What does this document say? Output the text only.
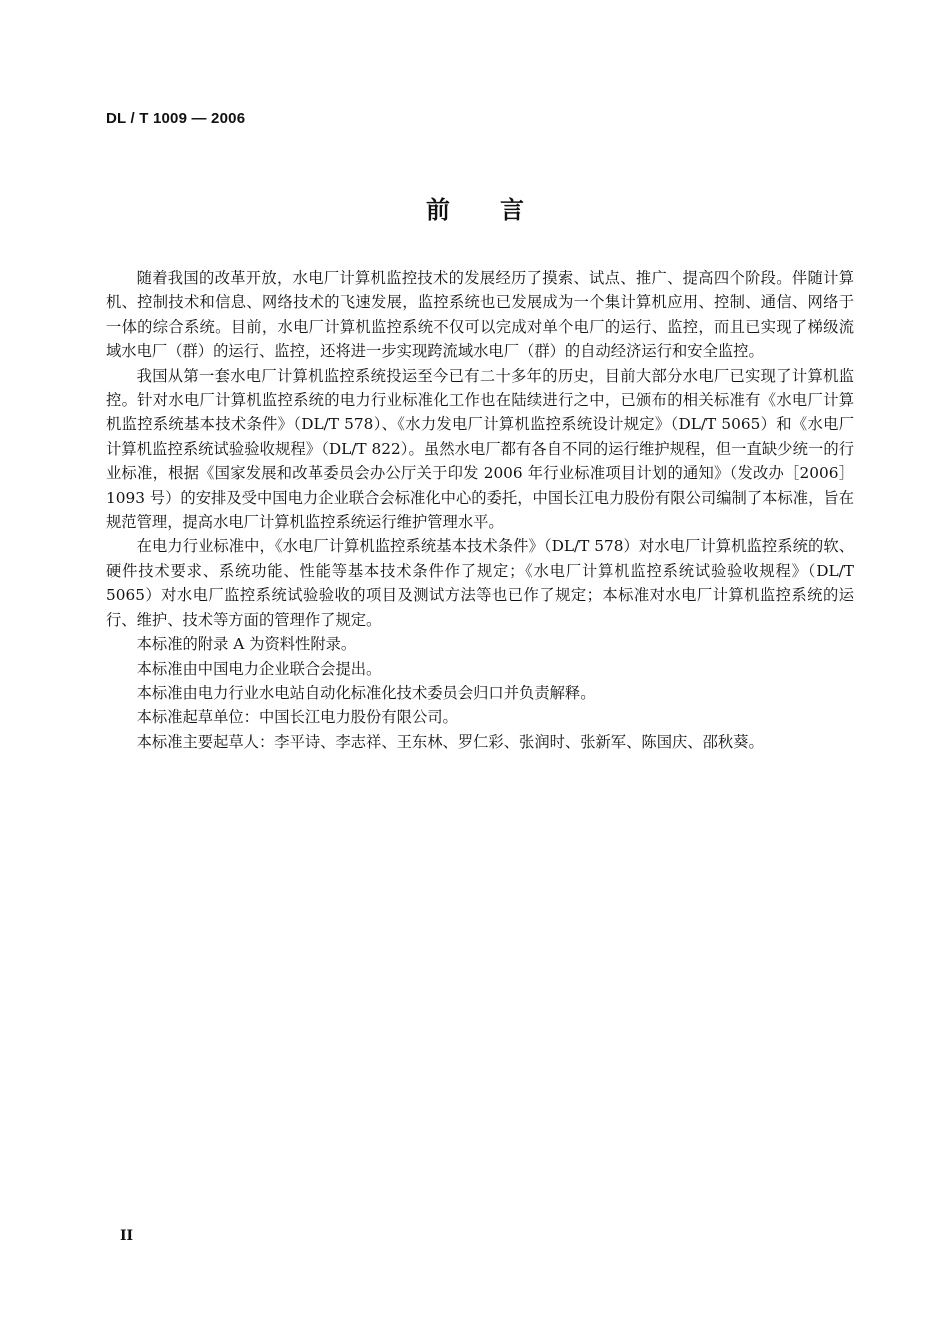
DL / T 1009 — 2006
前言

随着我国的改革开放，水电厂计算机监控技术的发展经历了摸索、试点、推广、提高四个阶段。伴随计算机、控制技术和信息、网络技术的飞速发展，监控系统也已发展成为一个集计算机应用、控制、通信、网络于一体的综合系统。目前，水电厂计算机监控系统不仅可以完成对单个电厂的运行、监控，而且已实现了梯级流域水电厂（群）的运行、监控，还将进一步实现跨流域水电厂（群）的自动经济运行和安全监控。

我国从第一套水电厂计算机监控系统投运至今已有二十多年的历史，目前大部分水电厂已实现了计算机监控。针对水电厂计算机监控系统的电力行业标准化工作也在陆续进行之中，已颁布的相关标准有《水电厂计算机监控系统基本技术条件》（DL/T 578）、《水力发电厂计算机监控系统设计规定》（DL/T 5065）和《水电厂计算机监控系统试验验收规程》（DL/T 822）。虽然水电厂都有各自不同的运行维护规程，但一直缺少统一的行业标准，根据《国家发展和改革委员会办公厅关于印发 2006 年行业标准项目计划的通知》（发改办［2006］1093 号）的安排及受中国电力企业联合会标准化中心的委托，中国长江电力股份有限公司编制了本标准，旨在规范管理，提高水电厂计算机监控系统运行维护管理水平。

在电力行业标准中，《水电厂计算机监控系统基本技术条件》（DL/T 578）对水电厂计算机监控系统的软、硬件技术要求、系统功能、性能等基本技术条件作了规定；《水电厂计算机监控系统试验验收规程》（DL/T 5065）对水电厂监控系统试验验收的项目及测试方法等也已作了规定；本标准对水电厂计算机监控系统的运行、维护、技术等方面的管理作了规定。

本标准的附录 A 为资料性附录。

本标准由中国电力企业联合会提出。

本标准由电力行业水电站自动化标准化技术委员会归口并负责解释。

本标准起草单位：中国长江电力股份有限公司。

本标准主要起草人：李平诗、李志祥、王东林、罗仁彩、张润时、张新军、陈国庆、邵秋葵。

II
